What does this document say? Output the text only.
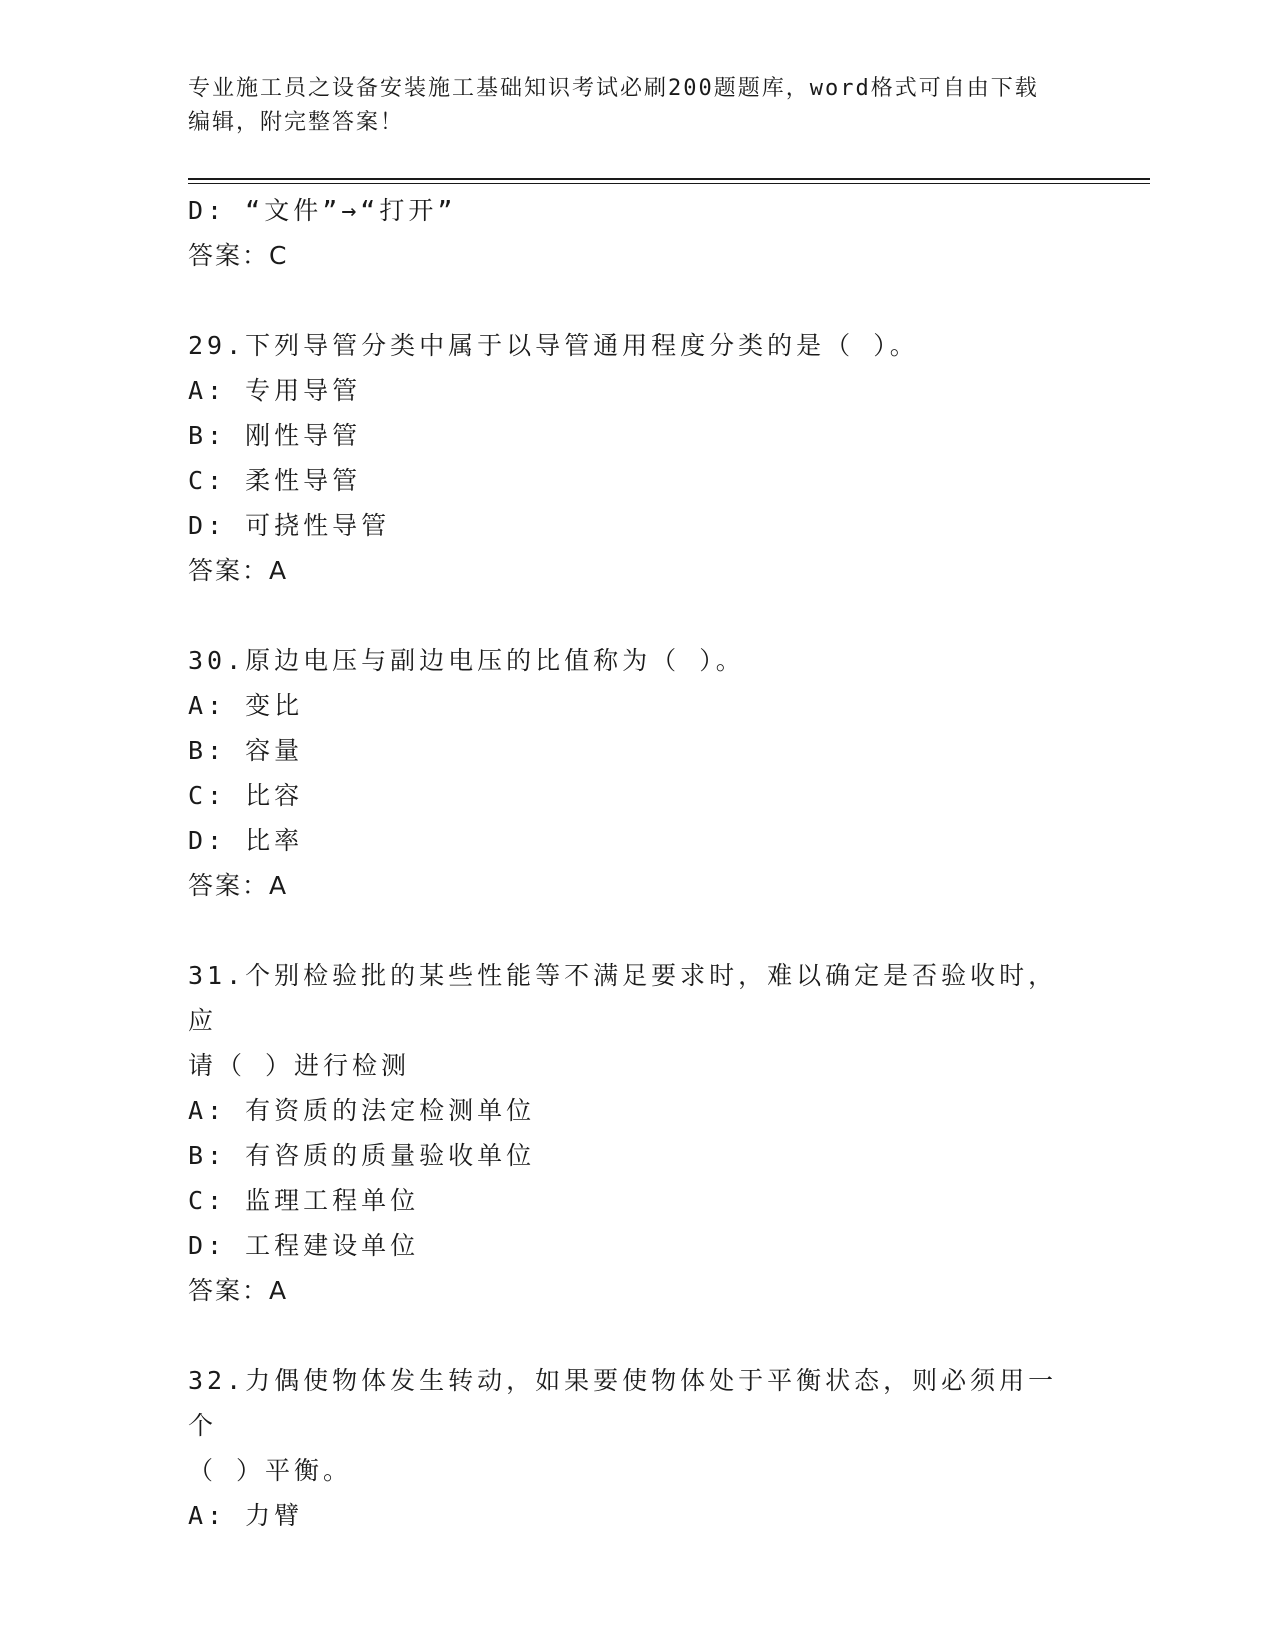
专业施工员之设备安装施工基础知识考试必刷200题题库，word格式可自由下载
编辑，附完整答案！
D: “文件”→“打开”
答案：C
29.下列导管分类中属于以导管通用程度分类的是（ ）。
A: 专用导管
B: 刚性导管
C: 柔性导管
D: 可挠性导管
答案：A
30.原边电压与副边电压的比值称为（ ）。
A: 变比
B: 容量
C: 比容
D: 比率
答案：A
31.个别检验批的某些性能等不满足要求时，难以确定是否验收时，应
请（ ）进行检测
A: 有资质的法定检测单位
B: 有咨质的质量验收单位
C: 监理工程单位
D: 工程建设单位
答案：A
32.力偶使物体发生转动，如果要使物体处于平衡状态，则必须用一个
（ ）平衡。
A: 力臂
